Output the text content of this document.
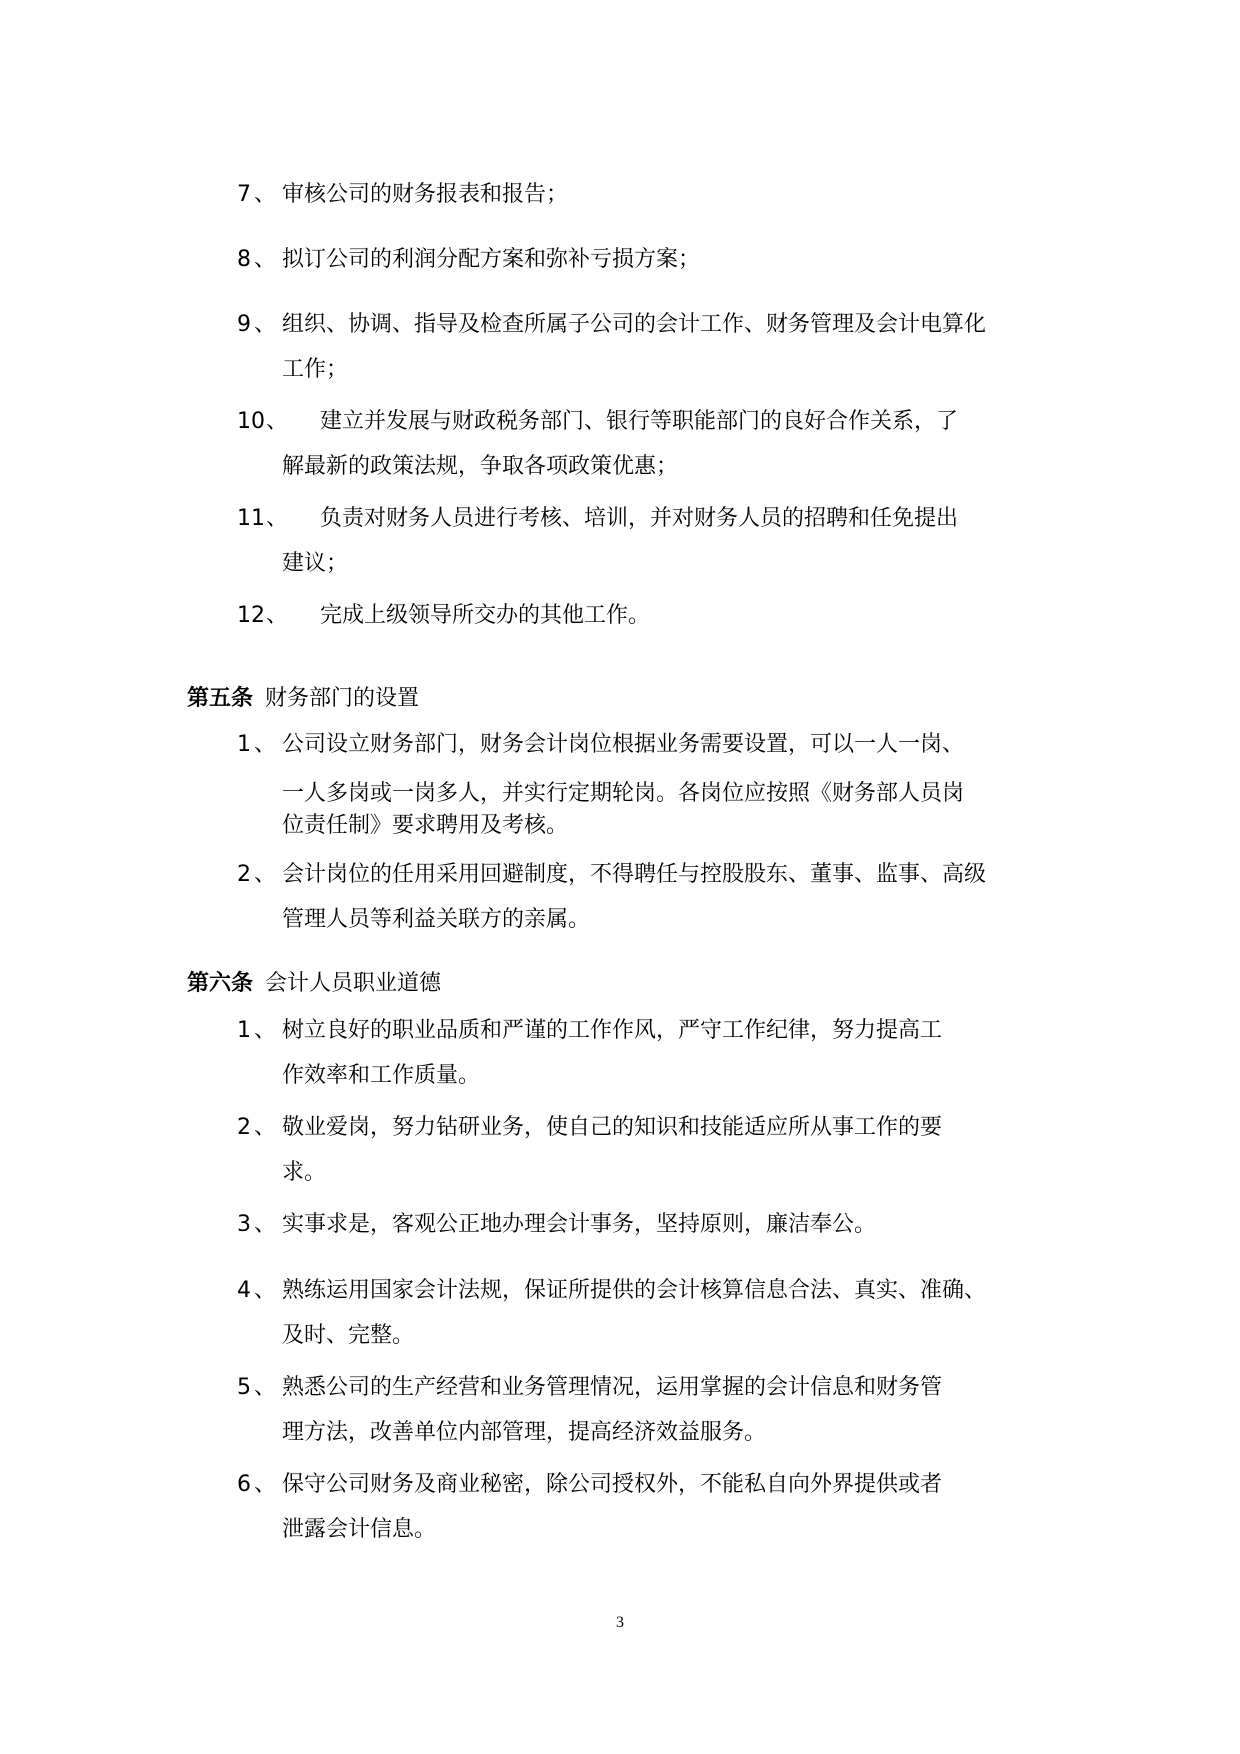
7 、 审核公司的财务报表和报告；
8 、 拟订公司的利润分配方案和弥补亏损方案；
9 、 组织、协调、指导及检查所属子公司的会计工作、财务管理及会计电算化
工作；
10 、 建立并发展与财政税务部门、银行等职能部门的良好合作关系，了
解最新的政策法规，争取各项政策优惠；
11 、 负责对财务人员进行考核、培训，并对财务人员的招聘和任免提出
建议；
12 、 完成上级领导所交办的其他工作。
第五条 财务部门的设置
1 、 公司设立财务部门，财务会计岗位根据业务需要设置，可以一人一岗、
一人多岗或一岗多人，并实行定期轮岗。各岗位应按照《财务部人员岗
位责任制》要求聘用及考核。
2 、 会计岗位的任用采用回避制度，不得聘任与控股股东、董事、监事、高级
管理人员等利益关联方的亲属。
第六条 会计人员职业道德
1 、 树立良好的职业品质和严谨的工作作风，严守工作纪律，努力提高工
作效率和工作质量。
2 、 敬业爱岗，努力钻研业务，使自己的知识和技能适应所从事工作的要
求。
3 、 实事求是，客观公正地办理会计事务，坚持原则，廉洁奉公。
4 、 熟练运用国家会计法规，保证所提供的会计核算信息合法、真实、准确、
及时、完整。
5 、 熟悉公司的生产经营和业务管理情况，运用掌握的会计信息和财务管
理方法，改善单位内部管理，提高经济效益服务。
6 、 保守公司财务及商业秘密，除公司授权外，不能私自向外界提供或者
泄露会计信息。
3
